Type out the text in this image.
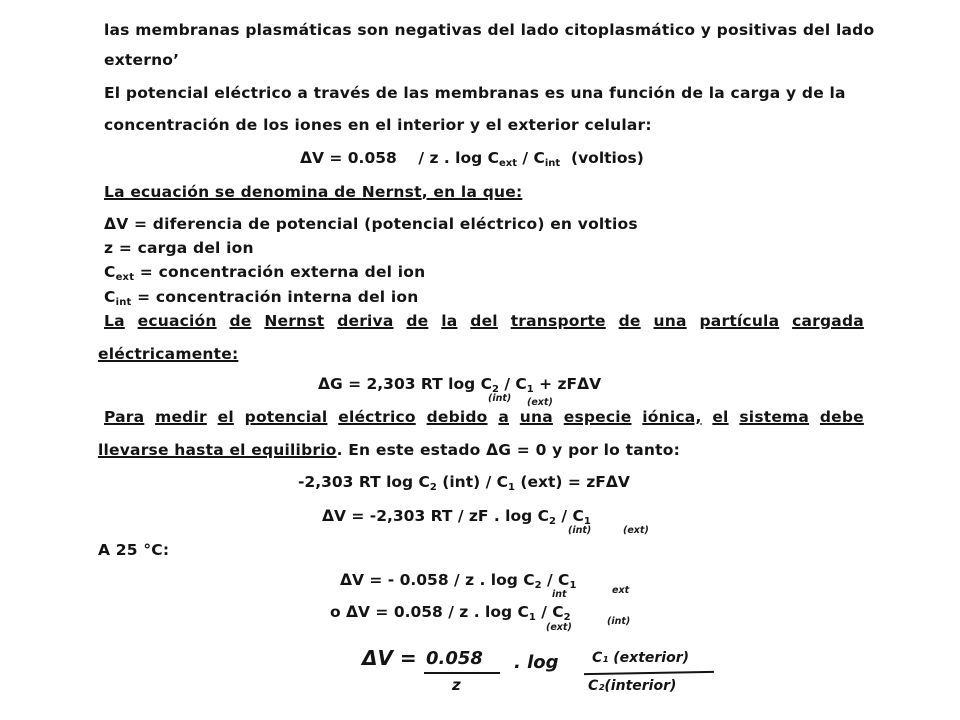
las membranas plasmáticas son negativas del lado citoplasmático y positivas del lado
externo’
El potencial eléctrico a través de las membranas es una función de la carga y de la
concentración de los iones en el interior y el exterior celular:
ΔV = 0.058 / z . $\log C_{ext} / C_{int}$ (voltios)
La ecuación se denomina de Nernst, en la que:
ΔV = diferencia de potencial (potencial eléctrico) en voltios
z = carga del ion
$C_{ext}$ = concentración externa del ion
$C_{int}$ = concentración interna del ion
La ecuación de Nernst deriva de la del transporte de una partícula cargada
eléctricamente:
ΔG = 2,303 RT $\log C_2 / C_1 + zF\Delta V$
(int) (ext)
Para medir el potencial eléctrico debido a una especie iónica, el sistema debe
llevarse hasta el equilibrio. En este estado ΔG = 0 y por lo tanto:
-2,303 RT $\log C_2$ $(int) / C_1$ (ext) = zFΔV
ΔV = -2,303 RT / zF . $\log C_2 / C_1$
(int)	(ext)
A 25 °C:
ΔV = - 0.058 / z . $\log C_2 / C_1$
int	ext
o ΔV = 0.058 / z . $\log C_1 / C_2$
(ext)
(int)
ΔV = 0.058
z
. log C₁ (exterior)
C₂(interior)
